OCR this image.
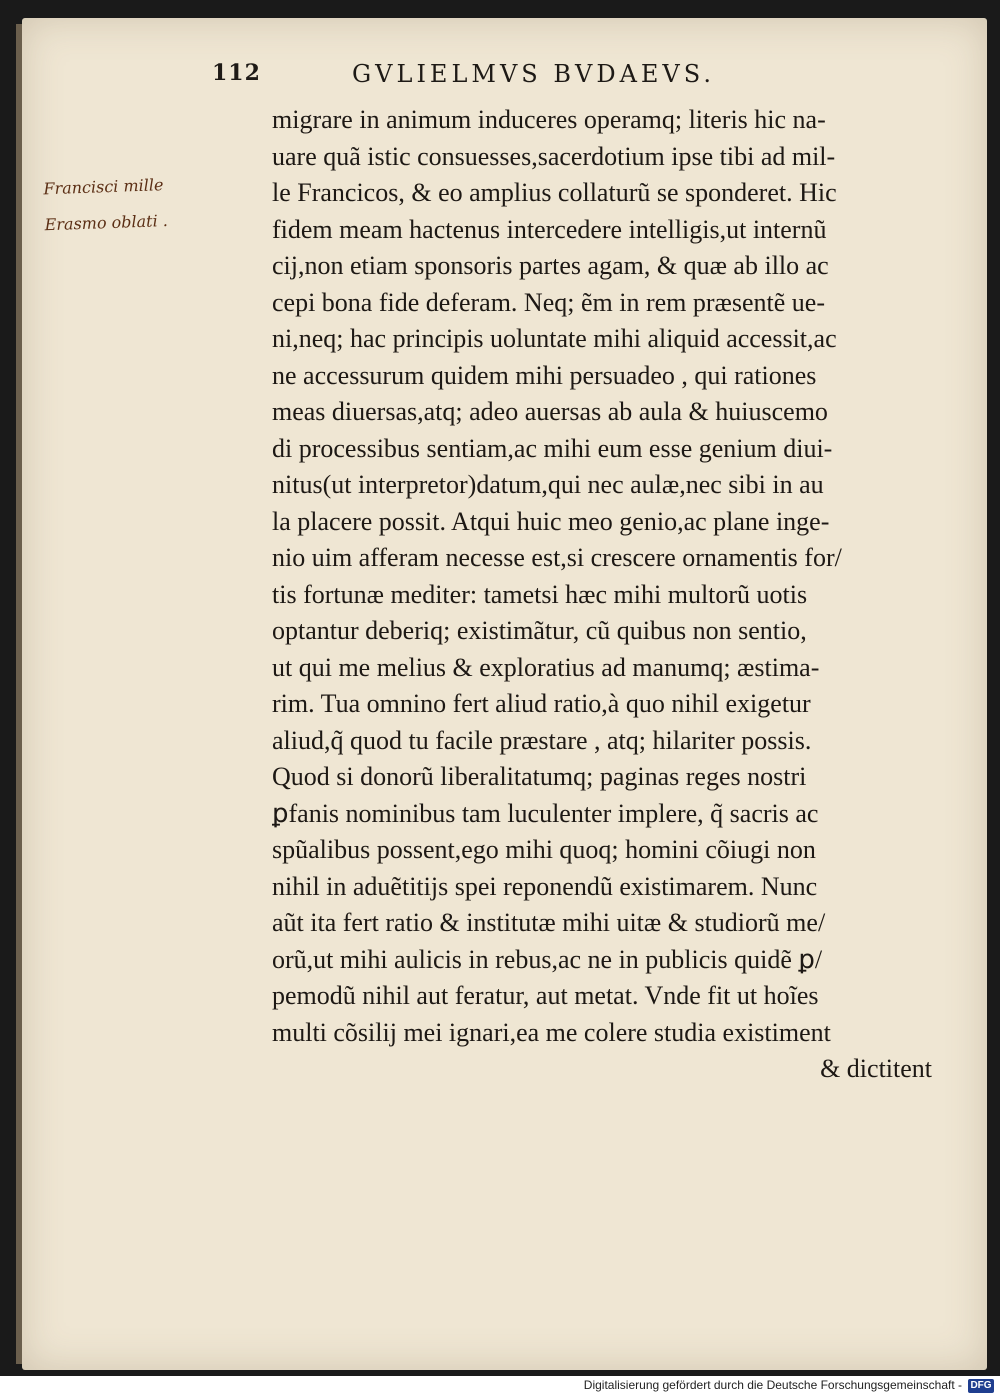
112	GVLIELMVS BVDAEVS.
Francisci mille
Erasmo oblati .
migrare in animum induceres operamq; literis hic na-
uare quã istic consuesses,sacerdotium ipse tibi ad mil-
le Francicos, & eo amplius collaturũ se sponderet. Hic
fidem meam hactenus intercedere intelligis,ut internũ
cij,non etiam sponsoris partes agam, & quæ ab illo ac
cepi bona fide deferam. Neq; ẽm in rem præsentẽ ue-
ni,neq; hac principis uoluntate mihi aliquid accessit,ac
ne accessurum quidem mihi persuadeo , qui rationes
meas diuersas,atq; adeo auersas ab aula & huiuscemo
di processibus sentiam,ac mihi eum esse genium diui-
nitus(ut interpretor)datum,qui nec aulæ,nec sibi in au
la placere possit. Atqui huic meo genio,ac plane inge-
nio uim afferam necesse est,si crescere ornamentis for/
tis fortunæ mediter: tametsi hæc mihi multorũ uotis
optantur deberiq; existimãtur, cũ quibus non sentio,
ut qui me melius & exploratius ad manumq; æstima-
rim. Tua omnino fert aliud ratio,à quo nihil exigetur
aliud,q̃ quod tu facile præstare , atq; hilariter possis.
Quod si donorũ liberalitatumq; paginas reges nostri
ꝑfanis nominibus tam luculenter implere, q̃ sacris ac
spũalibus possent,ego mihi quoq; homini cõiugi non
nihil in aduẽtitijs spei reponendũ existimarem. Nunc
aũt ita fert ratio & institutæ mihi uitæ & studiorũ me/
orũ,ut mihi aulicis in rebus,ac ne in publicis quidẽ ꝑ/
pemodũ nihil aut feratur, aut metat. Vnde fit ut hoĩes
multi cõsilij mei ignari,ea me colere studia existiment
& dictitent
Digitalisierung gefördert durch die Deutsche Forschungsgemeinschaft - DFG
